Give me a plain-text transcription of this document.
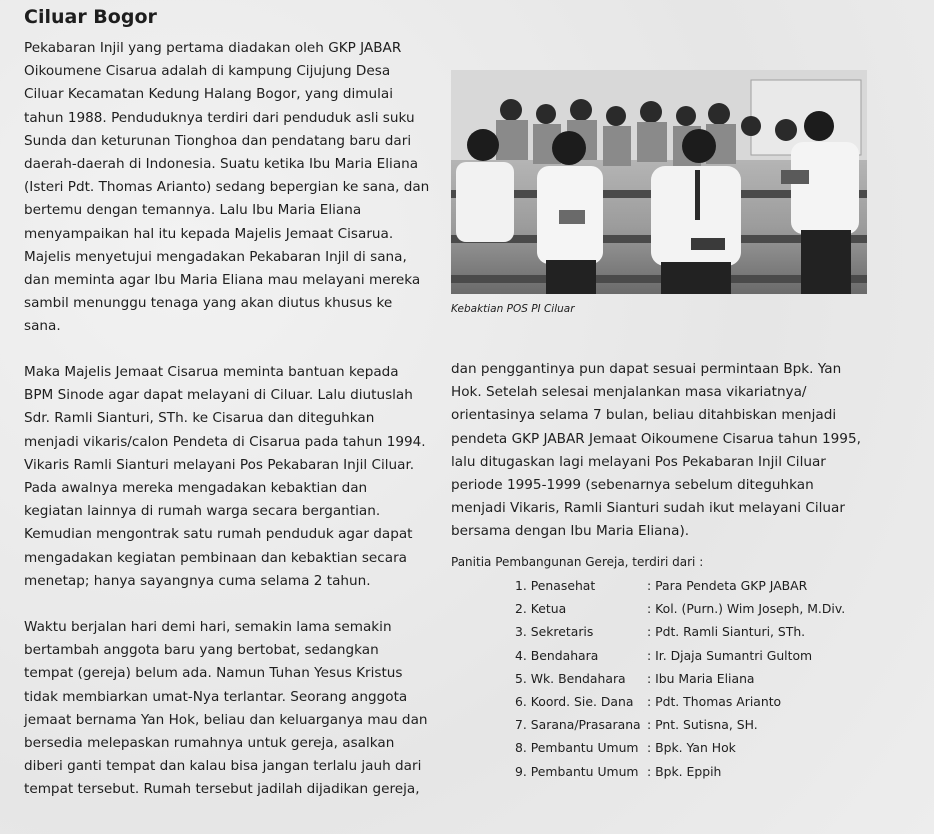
Ciluar Bogor

Pekabaran Injil yang pertama diadakan oleh GKP JABAR Oikoumene Cisarua adalah di kampung Cijujung Desa Ciluar Kecamatan Kedung Halang Bogor, yang dimulai tahun 1988. Penduduknya terdiri dari penduduk asli suku Sunda dan keturunan Tionghoa dan pendatang baru dari daerah-daerah di Indonesia. Suatu ketika Ibu Maria Eliana (Isteri Pdt. Thomas Arianto) sedang bepergian ke sana, dan bertemu dengan temannya. Lalu Ibu Maria Eliana menyampaikan hal itu kepada Majelis Jemaat Cisarua. Majelis menyetujui mengadakan Pekabaran Injil di sana, dan meminta agar Ibu Maria Eliana mau melayani mereka sambil menunggu tenaga yang akan diutus khusus ke sana.

Maka Majelis Jemaat Cisarua meminta bantuan kepada BPM Sinode agar dapat melayani di Ciluar. Lalu diutuslah Sdr. Ramli Sianturi, STh. ke Cisarua dan diteguhkan menjadi vikaris/calon Pendeta di Cisarua pada tahun 1994. Vikaris Ramli Sianturi melayani Pos Pekabaran Injil Ciluar. Pada awalnya mereka mengadakan kebaktian dan kegiatan lainnya di rumah warga secara bergantian. Kemudian mengontrak satu rumah penduduk agar dapat mengadakan kegiatan pembinaan dan kebaktian secara menetap; hanya sayangnya cuma selama 2 tahun.

Waktu berjalan hari demi hari, semakin lama semakin bertambah anggota baru yang bertobat, sedangkan tempat (gereja) belum ada. Namun Tuhan Yesus Kristus tidak membiarkan umat-Nya terlantar. Seorang anggota jemaat bernama Yan Hok, beliau dan keluarganya mau dan bersedia melepaskan rumahnya untuk gereja, asalkan diberi ganti tempat dan kalau bisa jangan terlalu jauh dari tempat tersebut. Rumah tersebut jadilah dijadikan gereja,

Kebaktian POS PI Ciluar

dan penggantinya pun dapat sesuai permintaan Bpk. Yan Hok. Setelah selesai menjalankan masa vikariatnya/ orientasinya selama 7 bulan, beliau ditahbiskan menjadi pendeta GKP JABAR Jemaat Oikoumene Cisarua tahun 1995, lalu ditugaskan lagi melayani Pos Pekabaran Injil Ciluar periode 1995-1999 (sebenarnya sebelum diteguhkan menjadi Vikaris, Ramli Sianturi sudah ikut melayani Ciluar bersama dengan Ibu Maria Eliana).

Panitia Pembangunan Gereja, terdiri dari :

1. Penasehat	: Para Pendeta GKP JABAR
2. Ketua	: Kol. (Purn.) Wim Joseph, M.Div.
3. Sekretaris	: Pdt. Ramli Sianturi, STh.
4. Bendahara	: Ir. Djaja Sumantri Gultom
5. Wk. Bendahara : Ibu Maria Eliana
6. Koord. Sie. Dana : Pdt. Thomas Arianto
7. Sarana/Prasarana : Pnt. Sutisna, SH.
8. Pembantu Umum : Bpk. Yan Hok
9. Pembantu Umum : Bpk. Eppih
